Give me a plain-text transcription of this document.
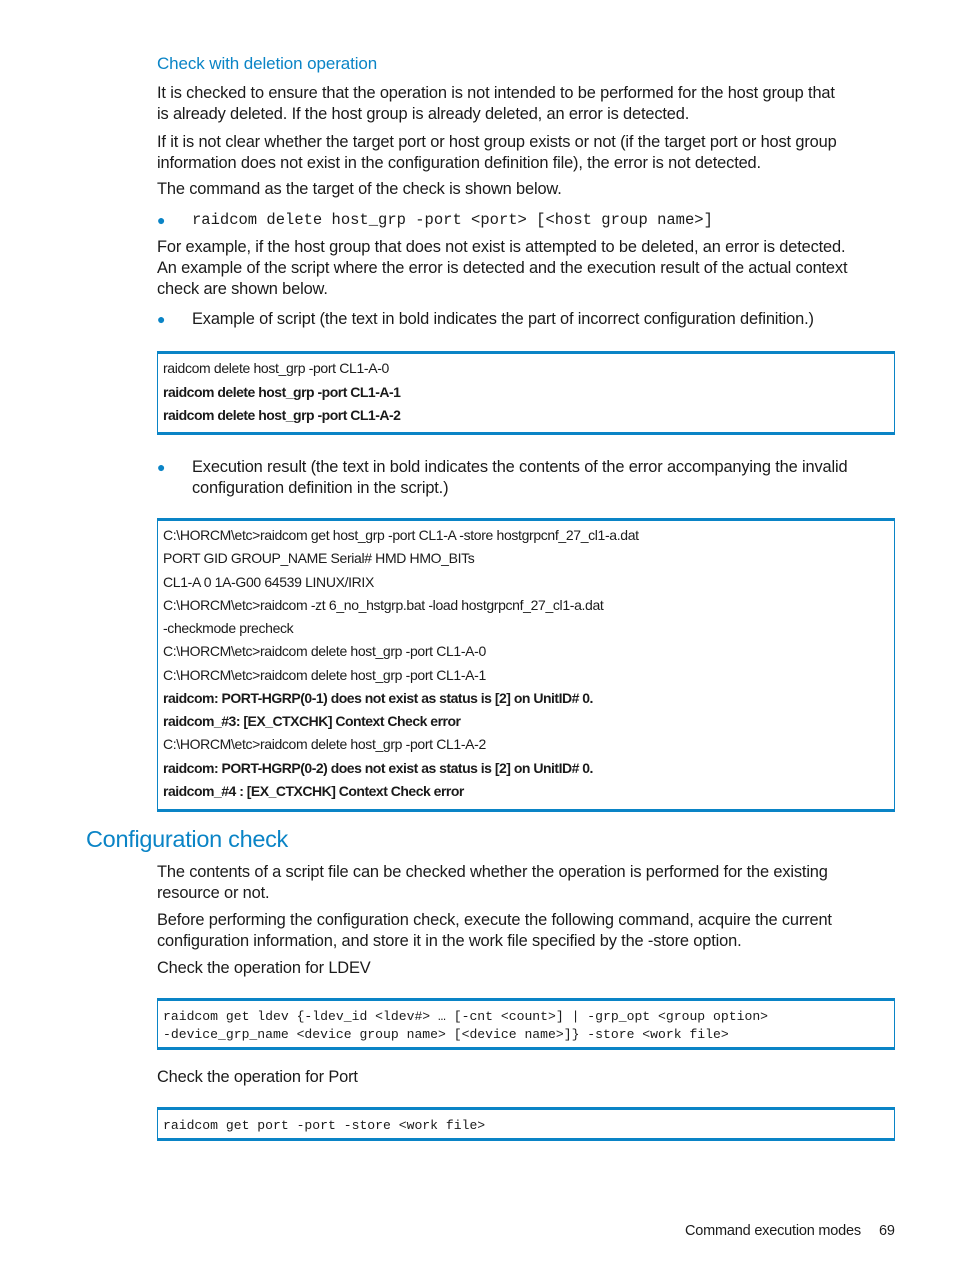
Check with deletion operation
It is checked to ensure that the operation is not intended to be performed for the host group that
is already deleted. If the host group is already deleted, an error is detected.
If it is not clear whether the target port or host group exists or not (if the target port or host group
information does not exist in the configuration definition file), the error is not detected.
The command as the target of the check is shown below.
● raidcom delete host_grp -port <port> [<host group name>]
For example, if the host group that does not exist is attempted to be deleted, an error is detected.
An example of the script where the error is detected and the execution result of the actual context
check are shown below.
● Example of script (the text in bold indicates the part of incorrect configuration definition.)
raidcom delete host_grp -port CL1-A-0
raidcom delete host_grp -port CL1-A-1
raidcom delete host_grp -port CL1-A-2
● Execution result (the text in bold indicates the contents of the error accompanying the invalid
configuration definition in the script.)
C:\HORCM\etc>raidcom get host_grp -port CL1-A -store hostgrpcnf_27_cl1-a.dat
PORT GID GROUP_NAME Serial# HMD HMO_BITs
CL1-A 0 1A-G00 64539 LINUX/IRIX
C:\HORCM\etc>raidcom -zt 6_no_hstgrp.bat -load hostgrpcnf_27_cl1-a.dat
-checkmode precheck
C:\HORCM\etc>raidcom delete host_grp -port CL1-A-0
C:\HORCM\etc>raidcom delete host_grp -port CL1-A-1
raidcom: PORT-HGRP(0-1) does not exist as status is [2] on UnitID# 0.
raidcom_#3: [EX_CTXCHK] Context Check error
C:\HORCM\etc>raidcom delete host_grp -port CL1-A-2
raidcom: PORT-HGRP(0-2) does not exist as status is [2] on UnitID# 0.
raidcom_#4 : [EX_CTXCHK] Context Check error
Configuration check
The contents of a script file can be checked whether the operation is performed for the existing
resource or not.
Before performing the configuration check, execute the following command, acquire the current
configuration information, and store it in the work file specified by the -store option.
Check the operation for LDEV
raidcom get ldev {-ldev_id <ldev#> … [-cnt <count>] | -grp_opt <group option>
-device_grp_name <device group name> [<device name>]} -store <work file>
Check the operation for Port
raidcom get port -port -store <work file>
Command execution modes 69
